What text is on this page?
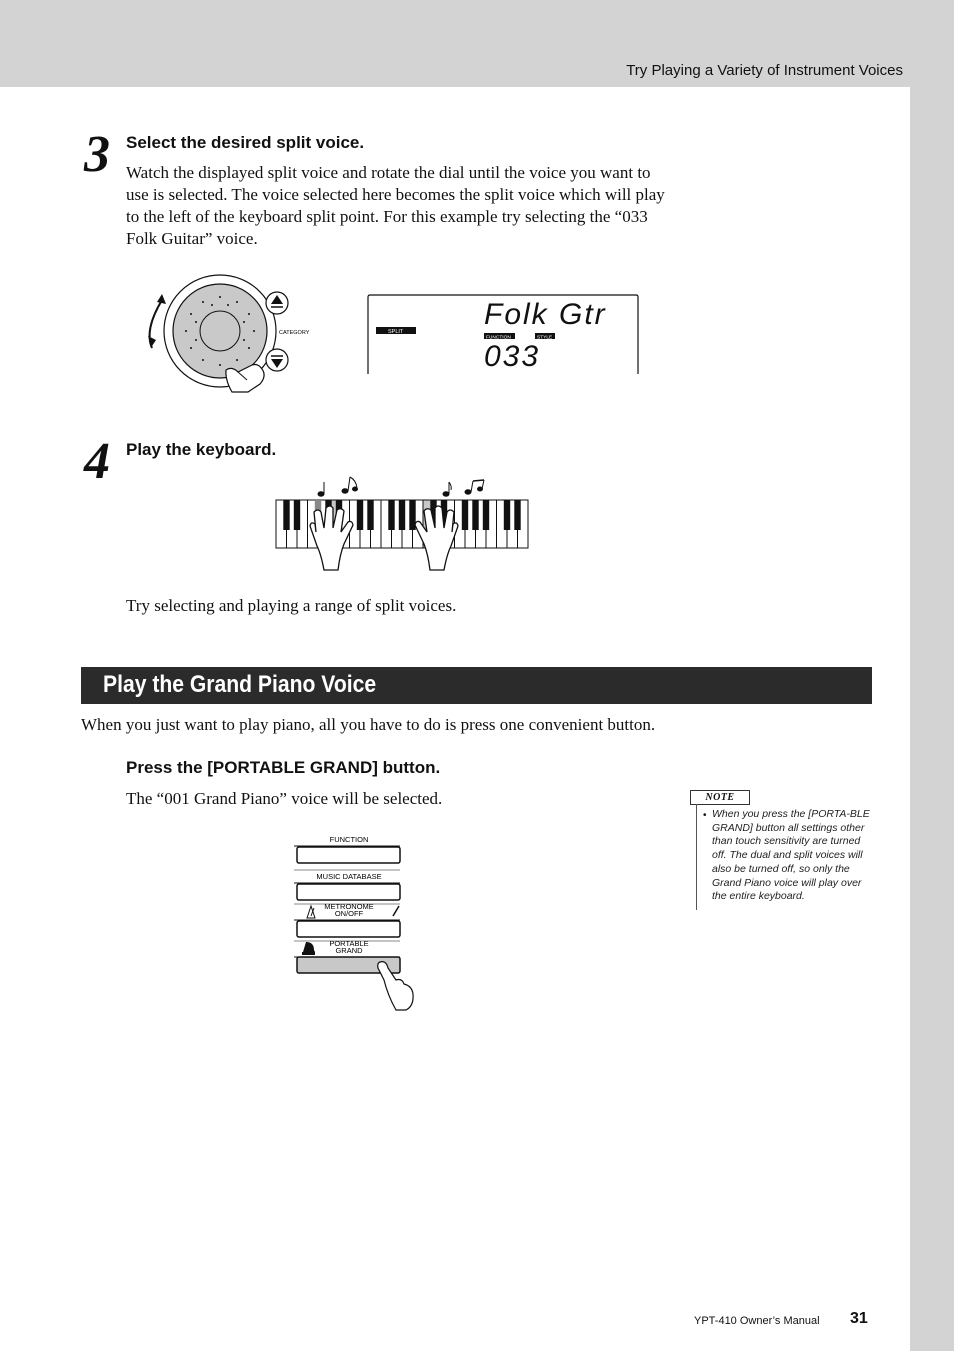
Try Playing a Variety of Instrument Voices
3 Select the desired split voice.
Watch the displayed split voice and rotate the dial until the voice you want to use is selected. The voice selected here becomes the split voice which will play to the left of the keyboard split point. For this example try selecting the “033 Folk Guitar” voice.
CATEGORY
Folk Gtr
033
SPLIT
FUNCTION	STYLE
4 Play the keyboard.
Try selecting and playing a range of split voices.
Play the Grand Piano Voice
When you just want to play piano, all you have to do is press one convenient button.
Press the [PORTABLE GRAND] button.
The “001 Grand Piano” voice will be selected.
FUNCTION
MUSIC DATABASE
METRONOME
ON/OFF
PORTABLE
GRAND
NOTE
• When you press the [PORTA-BLE GRAND] button all settings other than touch sensitivity are turned off. The dual and split voices will also be turned off, so only the Grand Piano voice will play over the entire keyboard.
YPT-410 Owner’s Manual 31
